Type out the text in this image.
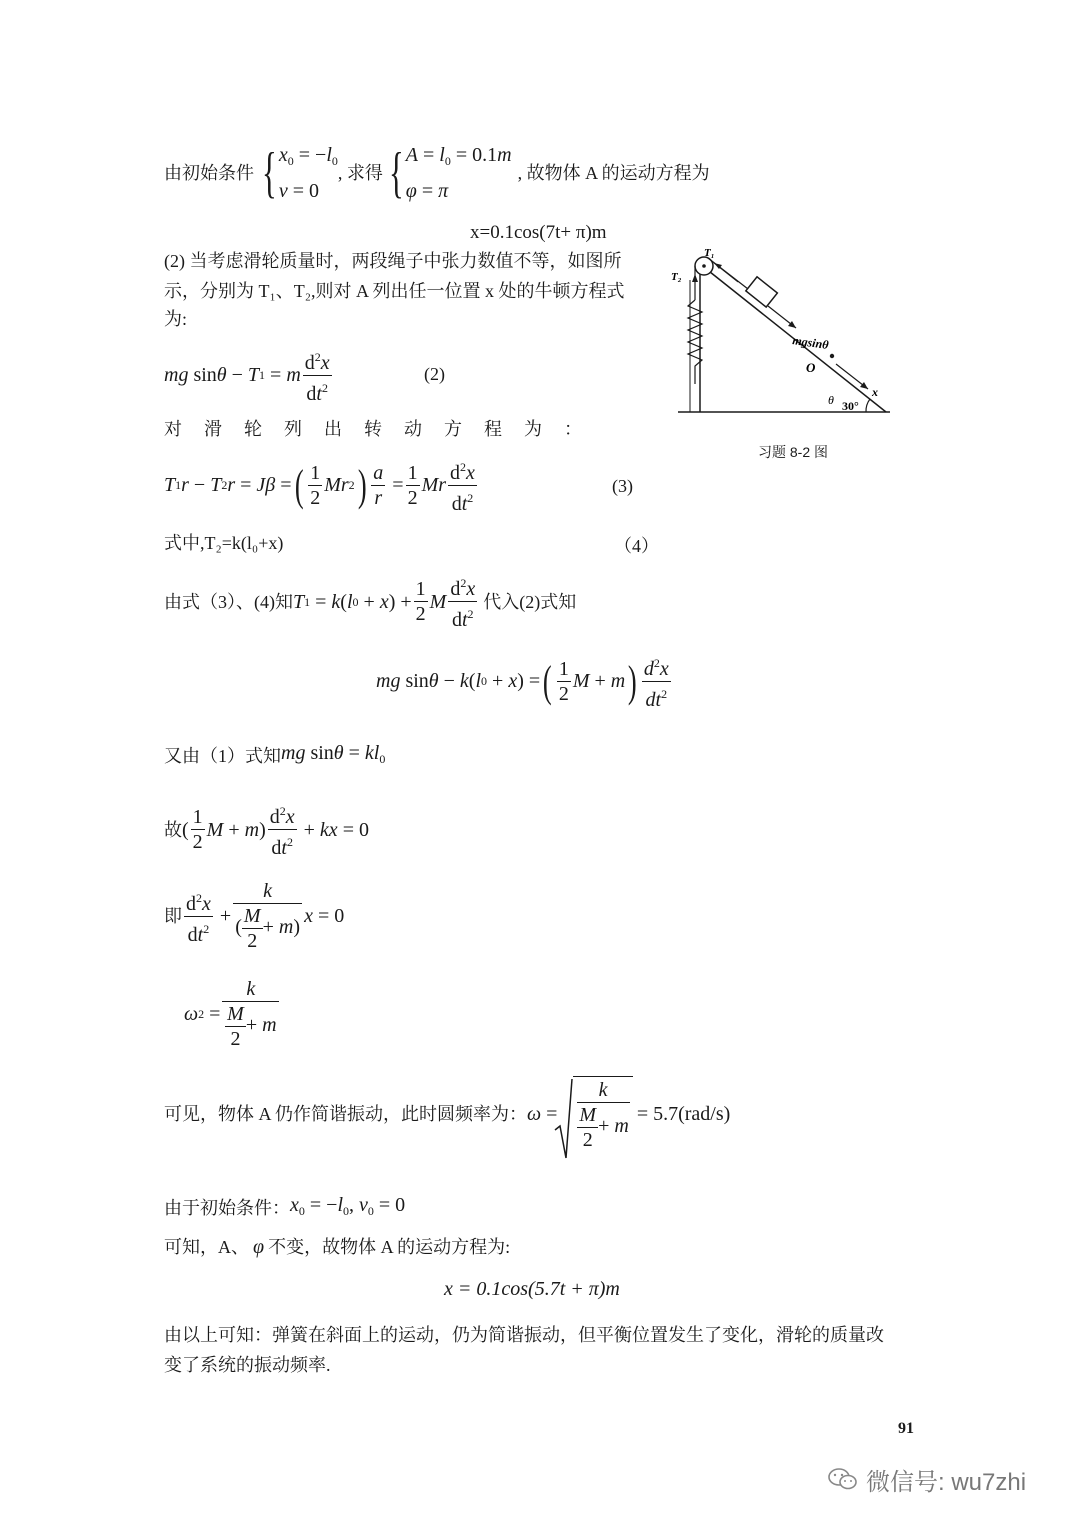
由初始条件 { $x_0 = -l_0$
v = 0
, 求得 { $A = l_0 = 0.1m$
φ = π
, 故物体 A 的运动方程为
x=0.1cos(7t+ π)m
(2) 当考虑滑轮质量时，两段绳子中张力数值不等，如图所
示，分别为 T₁、T₂,则对 A 列出任一位置 x 处的牛顿方程式
为:
mg sin θ − T 1 = m $\frac{d^2x}{dt^2}$	(2)
对滑轮列出转动方程为：
T 1 r − T 2 r = Jβ = ( $\frac{1}{2}$ Mr 2 ) $\frac{a}{r} = \frac{1}{2}$ Mr $\frac{d^2x}{dt^2}$	(3)
式中,T₂=k(l₀+x)	（4）
由式（3）、(4)知 T 1 = k ( l 0 + x ) + $\frac{1}{2}$ M $\frac{d^2x}{dt^2}$ 代入(2)式知
mg sin θ − k ( l 0 + x ) = ( $\frac{1}{2}$ M + m ) $\frac{d^2x}{dt^2}$
又由（1）式知 mg $\sin\theta = kl_0$
故 ( $\frac{1}{2}$ M + m ) $\frac{d^2x}{dt^2}$ + kx = 0
即 $\frac{d^2x}{dt^2} + \frac{k}{( \frac{M}{2} + m)}$ x = 0
ω $2 = \frac{k}{\frac{M}{2} + m}$
可见，物体 A 仍作简谐振动，此时圆频率为： $\omega = \frac{k}{\frac{M}{2} + m} = 5.7(rad/s)$
由于初始条件： $x_0 = -l_0$, $v_0 = 0$
可知，A、 φ 不变，故物体 A 的运动方程为:
x = 0.1cos(5.7t + π)m
由以上可知：弹簧在斜面上的运动，仍为简谐振动，但平衡位置发生了变化，滑轮的质量改
变了系统的振动频率.
91
微信号: wu7zhi
T₁
T₂
mgsinθ
O
x
θ 30°
习题 8-2 图
